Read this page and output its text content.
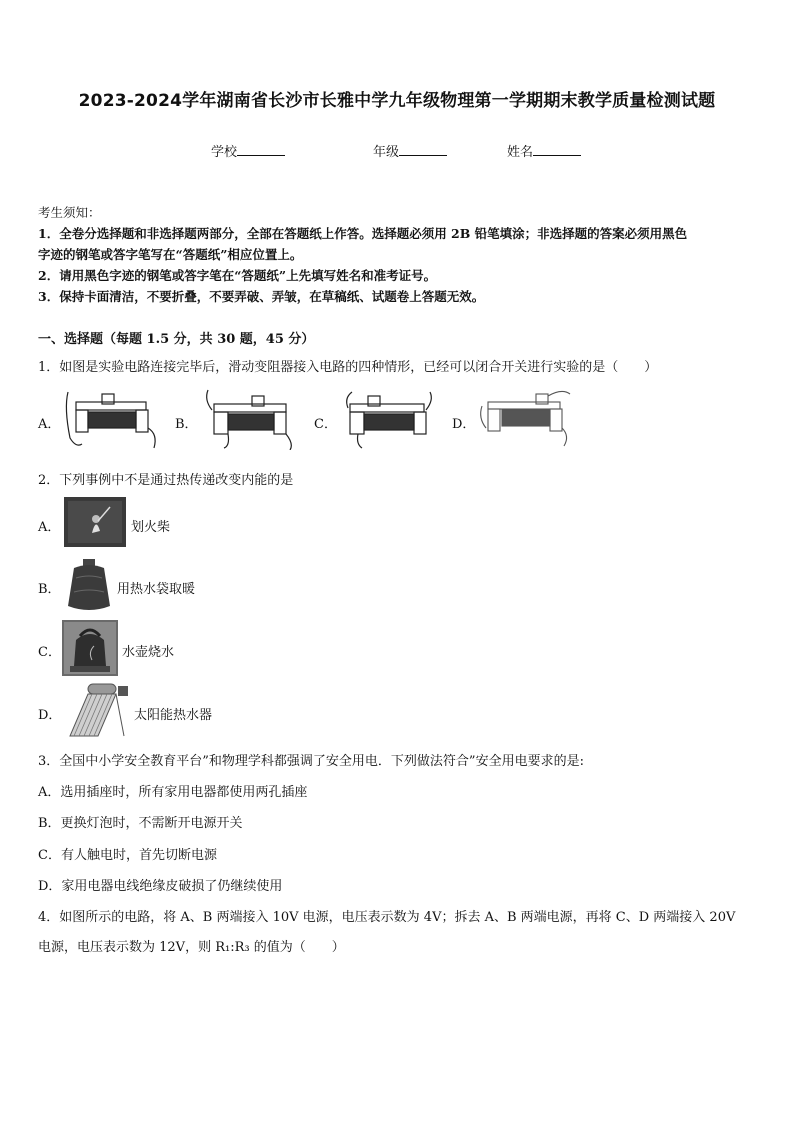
2023-2024学年湖南省长沙市长雅中学九年级物理第一学期期末教学质量检测试题
学校	年级	姓名
考生须知：
1．全卷分选择题和非选择题两部分，全部在答题纸上作答。选择题必须用 2B 铅笔填涂；非选择题的答案必须用黑色
字迹的钢笔或答字笔写在“答题纸”相应位置上。
2．请用黑色字迹的钢笔或答字笔在“答题纸”上先填写姓名和准考证号。
3．保持卡面清洁，不要折叠，不要弄破、弄皱，在草稿纸、试题卷上答题无效。
一、选择题（每题 1.5 分，共 30 题，45 分）
1．如图是实验电路连接完毕后，滑动变阻器接入电路的四种情形，已经可以闭合开关进行实验的是（　　）
A．	B．	C．	D．
2．下列事例中不是通过热传递改变内能的是
A．	划火柴
B．	用热水袋取暖
C．	水壶烧水
D．	太阳能热水器
3．全国中小学安全教育平台”和物理学科都强调了安全用电．下列做法符合”安全用电要求的是:
A．选用插座时，所有家用电器都使用两孔插座
B．更换灯泡时，不需断开电源开关
C．有人触电时，首先切断电源
D．家用电器电线绝缘皮破损了仍继续使用
4．如图所示的电路，将 A、B 两端接入 10V 电源，电压表示数为 4V；拆去 A、B 两端电源，再将 C、D 两端接入 20V
电源，电压表示数为 12V，则 R₁:R₃ 的值为（　　）
